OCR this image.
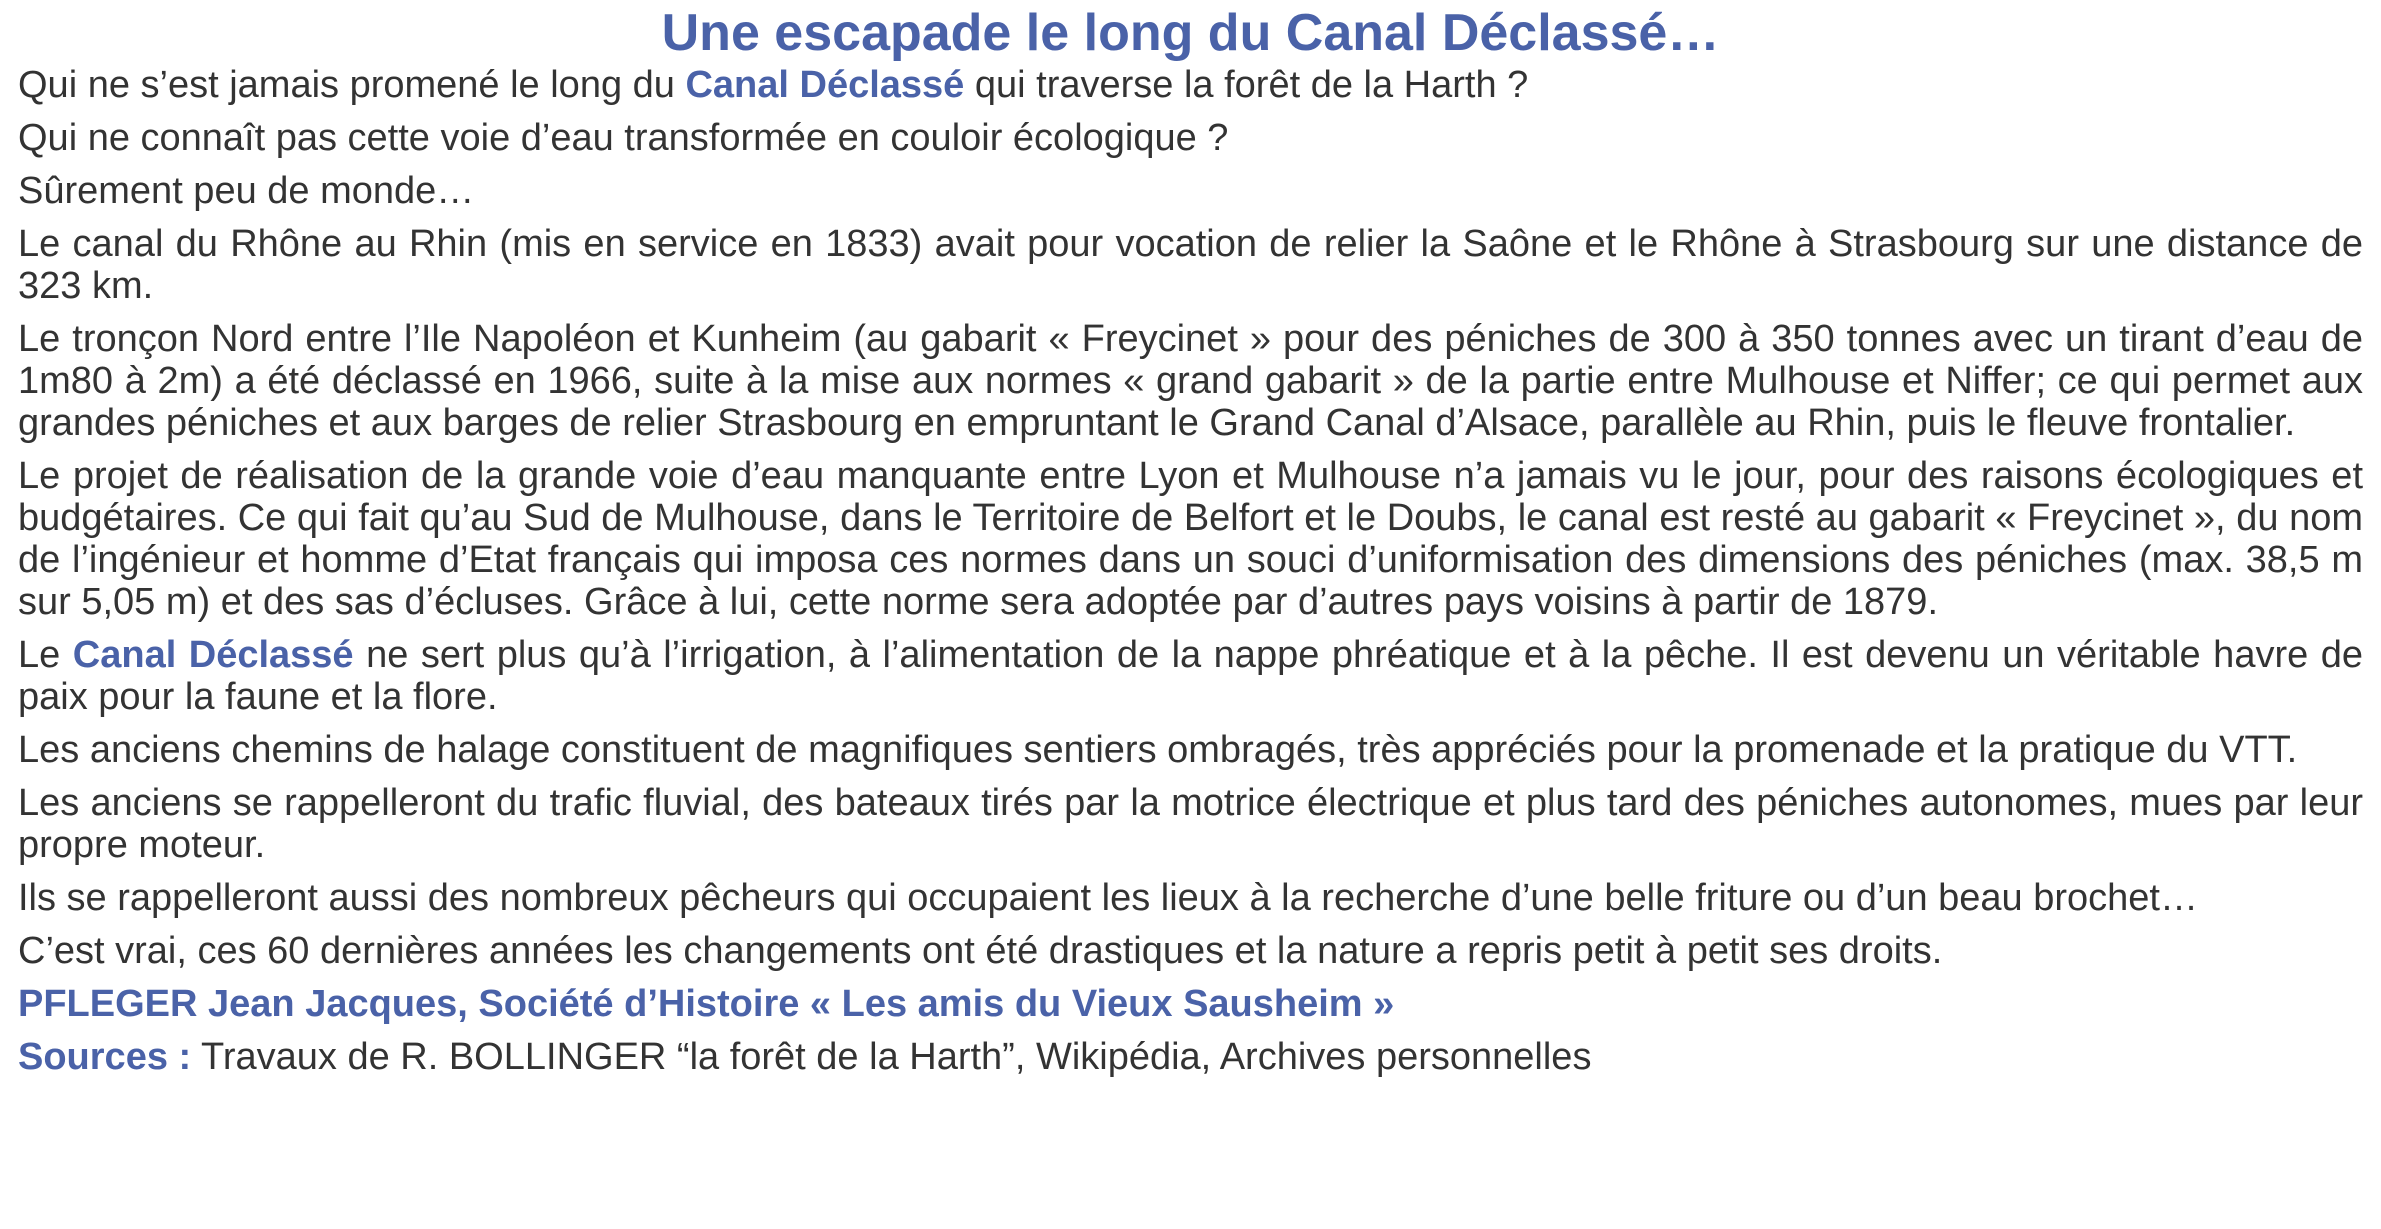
Une escapade le long du Canal Déclassé…

Qui ne s’est jamais promené le long du Canal Déclassé qui traverse la forêt de la Harth ?

Qui ne connaît pas cette voie d’eau transformée en couloir écologique ?

Sûrement peu de monde…

Le canal du Rhône au Rhin (mis en service en 1833) avait pour vocation de relier la Saône et le Rhône à Strasbourg sur une distance de 323 km.

Le tronçon Nord entre l’Ile Napoléon et Kunheim (au gabarit « Freycinet » pour des péniches de 300 à 350 tonnes avec un tirant d’eau de 1m80 à 2m) a été déclassé en 1966, suite à la mise aux normes « grand gabarit » de la partie entre Mulhouse et Niffer; ce qui permet aux grandes péniches et aux barges de relier Strasbourg en empruntant le Grand Canal d’Alsace, parallèle au Rhin, puis le fleuve frontalier.

Le projet de réalisation de la grande voie d’eau manquante entre Lyon et Mulhouse n’a jamais vu le jour, pour des raisons écologiques et budgétaires. Ce qui fait qu’au Sud de Mulhouse, dans le Territoire de Belfort et le Doubs, le canal est resté au gabarit « Freycinet », du nom de l’ingénieur et homme d’Etat français qui imposa ces normes dans un souci d’uniformisation des dimensions des péniches (max. 38,5 m sur 5,05 m) et des sas d’écluses. Grâce à lui, cette norme sera adoptée par d’autres pays voisins à partir de 1879.

Le Canal Déclassé ne sert plus qu’à l’irrigation, à l’alimentation de la nappe phréatique et à la pêche. Il est devenu un véritable havre de paix pour la faune et la flore.

Les anciens chemins de halage constituent de magnifiques sentiers ombragés, très appréciés pour la promenade et la pratique du VTT.

Les anciens se rappelleront du trafic fluvial, des bateaux tirés par la motrice électrique et plus tard des péniches autonomes, mues par leur propre moteur.

Ils se rappelleront aussi des nombreux pêcheurs qui occupaient les lieux à la recherche d’une belle friture ou d’un beau brochet…

C’est vrai, ces 60 dernières années les changements ont été drastiques et la nature a repris petit à petit ses droits.

PFLEGER Jean Jacques, Société d’Histoire « Les amis du Vieux Sausheim »

Sources : Travaux de R. BOLLINGER “la forêt de la Harth”, Wikipédia, Archives personnelles
